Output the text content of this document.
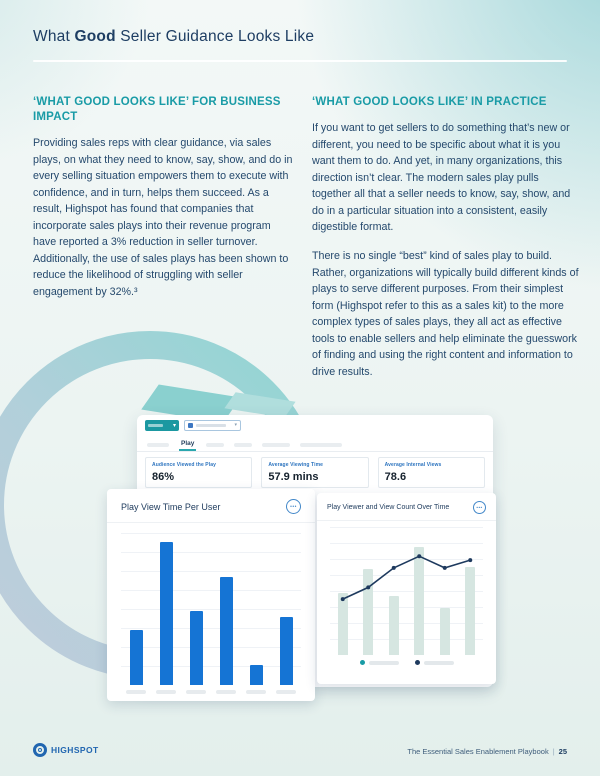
What Good Seller Guidance Looks Like
‘WHAT GOOD LOOKS LIKE’ FOR BUSINESS IMPACT

Providing sales reps with clear guidance, via sales plays, on what they need to know, say, show, and do in every selling situation empowers them to execute with confidence, and in turn, helps them succeed. As a result, Highspot has found that companies that incorporate sales plays into their revenue program have reported a 3% reduction in seller turnover. Additionally, the use of sales plays has been shown to reduce the likelihood of struggling with seller engagement by 32%.³

‘WHAT GOOD LOOKS LIKE’ IN PRACTICE

If you want to get sellers to do something that’s new or different, you need to be specific about what it is you want them to do. And yet, in many organizations, this direction isn’t clear. The modern sales play pulls together all that a seller needs to know, say, show, and do in a particular situation into a consistent, easily digestible format.

There is no single “best” kind of sales play to build. Rather, organizations will typically build different kinds of plays to serve different purposes. From their simplest form (Highspot refer to this as a sales kit) to the more complex types of sales plays, they all act as effective tools to enable sellers and help eliminate the guesswork of finding and using the right content and information to drive results.

▾	▾
Play
Audience Viewed the Play
86%
Average Viewing Time
57.9 mins
Average Internal Views
78.6
Play View Time Per User	•••	Play Viewer and View Count Over Time	•••
HIGHSPOT	The Essential Sales Enablement Playbook | 25
